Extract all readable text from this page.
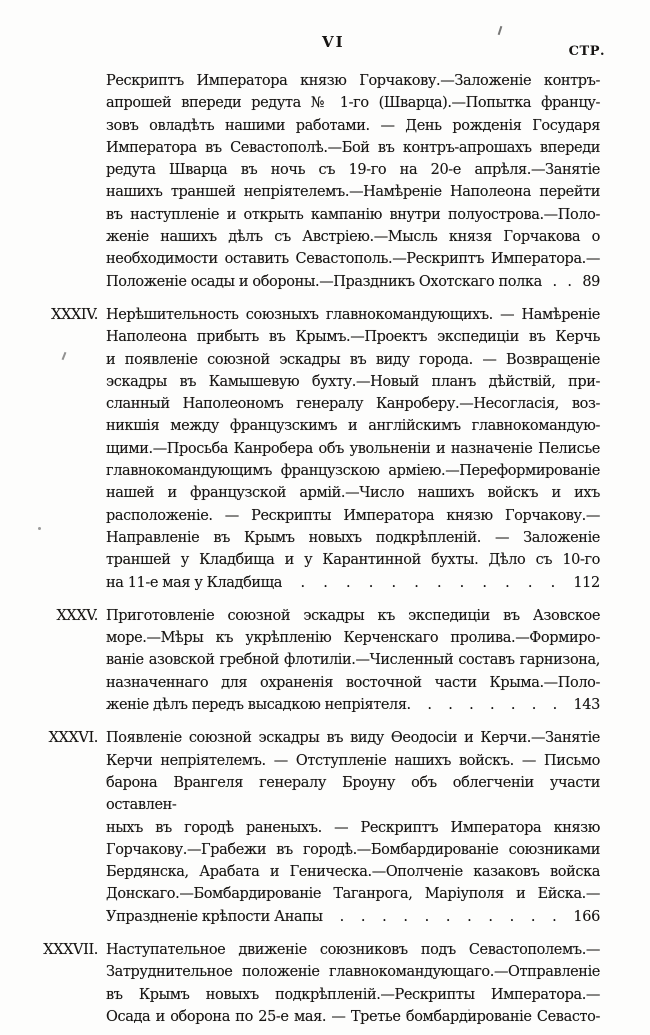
VI
СТР.
Рескриптъ Императора князю Горчакову.—Заложеніе контръ-
апрошей впереди редута № 1-го (Шварца).—Попытка францу-
зовъ овладѣть нашими работами. — День рожденія Государя
Императора въ Севастополѣ.—Бой въ контръ-апрошахъ впереди
редута Шварца въ ночь съ 19-го на 20-е апрѣля.—Занятіе
нашихъ траншей непріятелемъ.—Намѣреніе Наполеона перейти
въ наступленіе и открыть кампанію внутри полуострова.—Поло-
женіе нашихъ дѣлъ съ Австріею.—Мысль князя Горчакова о
необходимости оставить Севастополь.—Рескриптъ Императора.—
Положеніе осады и обороны.—Праздникъ Охотскаго полка . . 89
XXXIV. Нерѣшительность союзныхъ главнокомандующихъ. — Намѣреніе
Наполеона прибыть въ Крымъ.—Проектъ экспедиціи въ Керчь
и появленіе союзной эскадры въ виду города. — Возвращеніе
эскадры въ Камышевую бухту.—Новый планъ дѣйствій, при-
сланный Наполеономъ генералу Канроберу.—Несогласія, воз-
никшія между французскимъ и англійскимъ главнокомандую-
щими.—Просьба Канробера объ увольненіи и назначеніе Пелисье
главнокомандующимъ французскою арміею.—Переформированіе
нашей и французской армій.—Число нашихъ войскъ и ихъ
расположеніе. — Рескрипты Императора князю Горчакову.—
Направленіе въ Крымъ новыхъ подкрѣпленій. — Заложеніе
траншей у Кладбища и у Карантинной бухты. Дѣло съ 10-го
на 11-е мая у Кладбища . . . . . . . . . . . . 112
XXXV. Приготовленіе союзной эскадры къ экспедиціи въ Азовское
море.—Мѣры къ укрѣпленію Керченскаго пролива.—Формиро-
ваніе азовской гребной флотиліи.—Численный составъ гарнизона,
назначеннаго для охраненія восточной части Крыма.—Поло-
женіе дѣлъ передъ высадкою непріятеля. . . . . . . . 143
XXXVI. Появленіе союзной эскадры въ виду Ѳеодосіи и Керчи.—Занятіе
Керчи непріятелемъ. — Отступленіе нашихъ войскъ. — Письмо
барона Врангеля генералу Броуну объ облегченіи участи оставлен-
ныхъ въ городѣ раненыхъ. — Рескриптъ Императора князю
Горчакову.—Грабежи въ городѣ.—Бомбардированіе союзниками
Бердянска, Арабата и Геническа.—Ополченіе казаковъ войска
Донскаго.—Бомбардированіе Таганрога, Маріуполя и Ейска.—
Упраздненіе крѣпости Анапы . . . . . . . . . . . 166
XXXVII. Наступательное движеніе союзниковъ подъ Севастополемъ.—
Затруднительное положеніе главнокомандующаго.—Отправленіе
въ Крымъ новыхъ подкрѣпленій.—Рескрипты Императора.—
Осада и оборона по 25-е мая. — Третье бомбардированіе Севасто-
